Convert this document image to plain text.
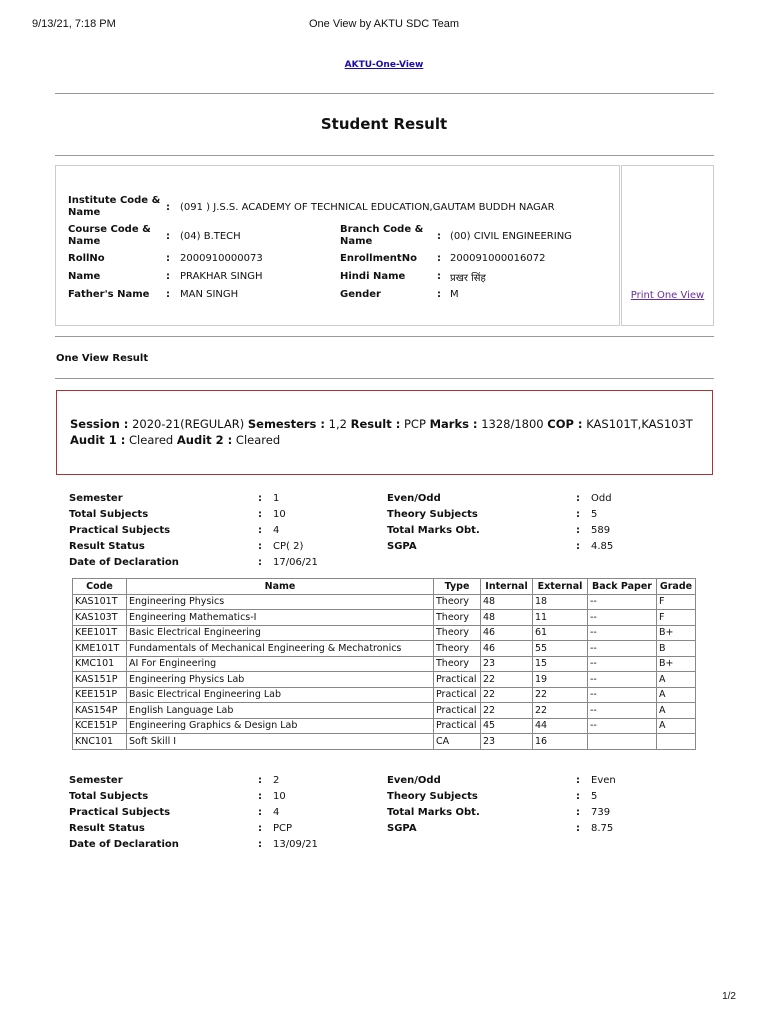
9/13/21, 7:18 PM	One View by AKTU SDC Team
AKTU-One-View
Student Result
Institute Code & Name	: (091 ) J.S.S. ACADEMY OF TECHNICAL EDUCATION,GAUTAM BUDDH NAGAR
Course Code & Name	: (04) B.TECH
Branch Code & Name	: (00) CIVIL ENGINEERING
RollNo	: 2000910000073	EnrollmentNo : 200091000016072
Name	: PRAKHAR SINGH	Hindi Name	: प्रखर सिंह
Father's Name : MAN SINGH	Gender	: M	Print One View
One View Result
Session : 2020-21(REGULAR) Semesters : 1,2 Result : PCP Marks : 1328/1800 COP : KAS101T,KAS103T
Audit 1 : Cleared Audit 2 : Cleared
Semester	: 1	Even/Odd	: Odd
Total Subjects	: 10	Theory Subjects	: 5
Practical Subjects	: 4	Total Marks Obt.	: 589
Result Status	: CP( 2)	SGPA	: 4.85
Date of Declaration	: 17/06/21
Code	Name	Type	Internal	External	Back Paper	Grade
KAS101T	Engineering Physics	Theory	48	18	--	F
KAS103T	Engineering Mathematics-I	Theory	48	11	--	F
KEE101T	Basic Electrical Engineering	Theory	46	61	--	B+
KME101T	Fundamentals of Mechanical Engineering & Mechatronics	Theory	46	55	--	B
KMC101	AI For Engineering	Theory	23	15	--	B+
KAS151P	Engineering Physics Lab	Practical	22	19	--	A
KEE151P	Basic Electrical Engineering Lab	Practical	22	22	--	A
KAS154P	English Language Lab	Practical	22	22	--	A
KCE151P	Engineering Graphics & Design Lab	Practical	45	44	--	A
KNC101	Soft Skill I	CA	23	16		
Semester	: 2	Even/Odd	: Even
Total Subjects	: 10	Theory Subjects	: 5
Practical Subjects	: 4	Total Marks Obt.	: 739
Result Status	: PCP	SGPA	: 8.75
Date of Declaration	: 13/09/21
1/2
